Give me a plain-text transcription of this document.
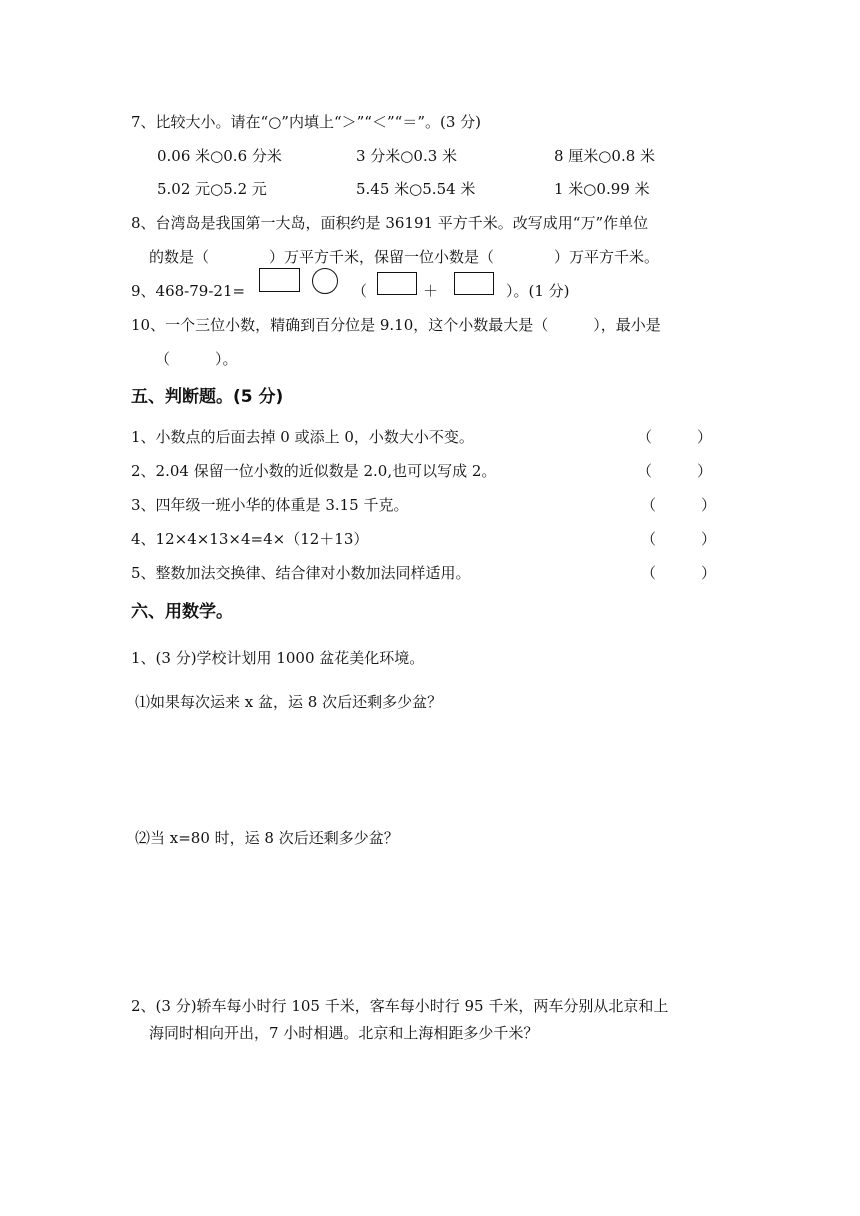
7、比较大小。请在“○”内填上“＞”“＜”“＝”。(3 分)
0.06 米○0.6 分米	3 分米○0.3 米	8 厘米○0.8 米
5.02 元○5.2 元	5.45 米○5.54 米	1 米○0.99 米
8、台湾岛是我国第一大岛，面积约是 36191 平方千米。改写成用“万”作单位
的数是（　　　　）万平方千米，保留一位小数是（　　　　）万平方千米。
9、468-79-21=	（	＋	）。(1 分)
10、一个三位小数，精确到百分位是 9.10，这个小数最大是（　　　），最小是
（　　　）。
五、判断题。(5 分)
1、小数点的后面去掉 0 或添上 0，小数大小不变。	（　　　）
2、2.04 保留一位小数的近似数是 2.0,也可以写成 2。	（　　　）
3、四年级一班小华的体重是 3.15 千克。	（　　　）
4、12×4×13×4=4×（12＋13）	（　　　）
5、整数加法交换律、结合律对小数加法同样适用。	（　　　）
六、用数学。
1、(3 分)学校计划用 1000 盆花美化环境。
⑴如果每次运来 x 盆，运 8 次后还剩多少盆？
⑵当 x=80 时，运 8 次后还剩多少盆？
2、(3 分)轿车每小时行 105 千米，客车每小时行 95 千米，两车分别从北京和上
海同时相向开出，7 小时相遇。北京和上海相距多少千米？
